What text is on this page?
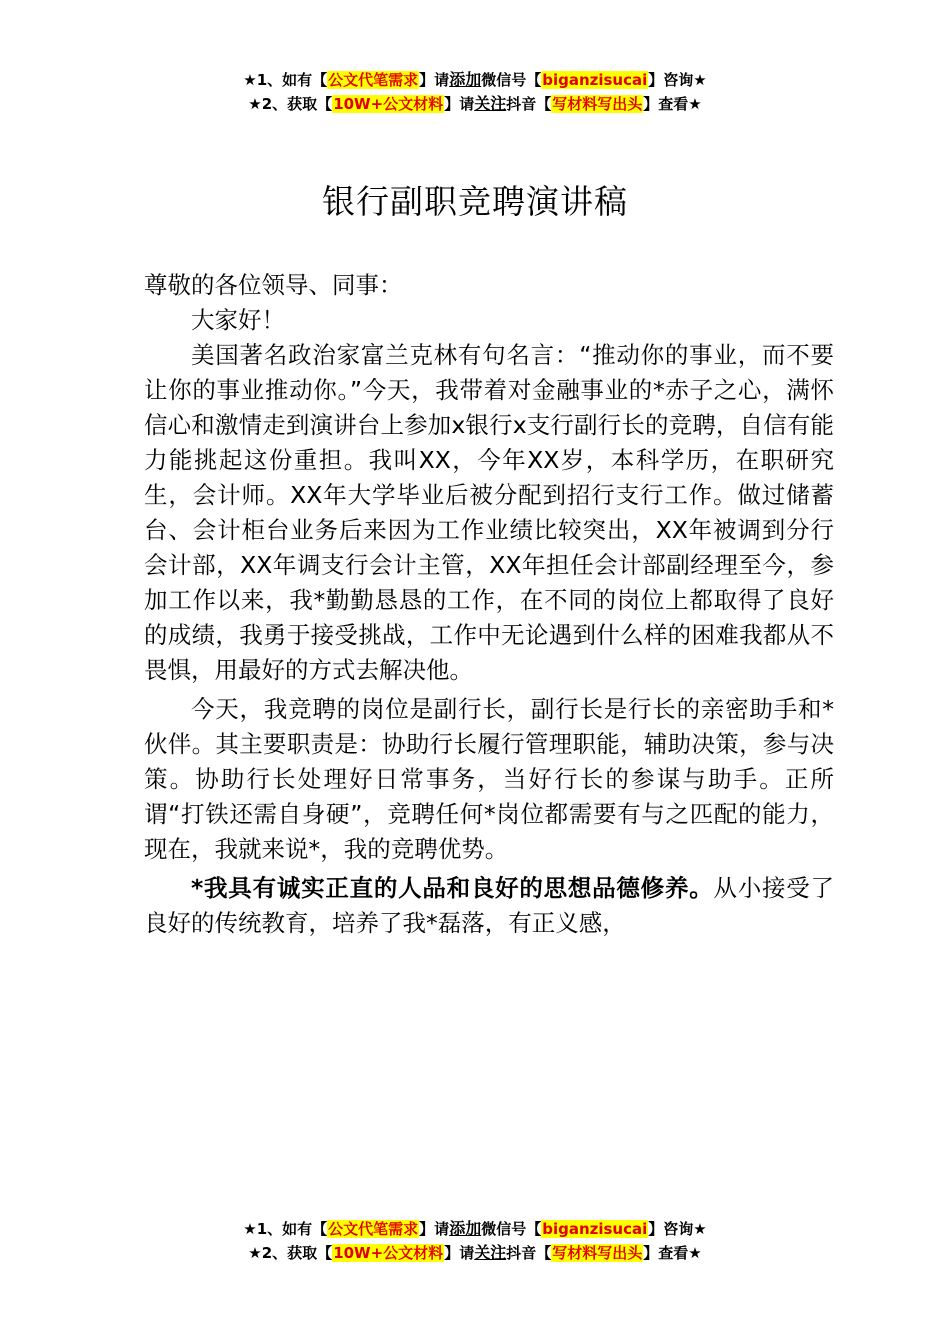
★1、如有【公文代笔需求】请添加微信号【biganzisucai】咨询★
★2、获取【10W+公文材料】请关注抖音【写材料写出头】查看★
银行副职竞聘演讲稿

尊敬的各位领导、同事：

大家好！

美国著名政治家富兰克林有句名言：“推动你的事业，而不要让你的事业推动你。”今天，我带着对金融事业的*赤子之心，满怀信心和激情走到演讲台上参加x银行x支行副行长的竞聘，自信有能力能挑起这份重担。我叫XX，今年XX岁，本科学历，在职研究生，会计师。XX年大学毕业后被分配到招行支行工作。做过储蓄台、会计柜台业务后来因为工作业绩比较突出，XX年被调到分行会计部，XX年调支行会计主管，XX年担任会计部副经理至今，参加工作以来，我*勤勤恳恳的工作，在不同的岗位上都取得了良好的成绩，我勇于接受挑战，工作中无论遇到什么样的困难我都从不畏惧，用最好的方式去解决他。

今天，我竞聘的岗位是副行长，副行长是行长的亲密助手和*伙伴。其主要职责是：协助行长履行管理职能，辅助决策，参与决策。协助行长处理好日常事务，当好行长的参谋与助手。正所谓“打铁还需自身硬”，竞聘任何*岗位都需要有与之匹配的能力，现在，我就来说*，我的竞聘优势。

*我具有诚实正直的人品和良好的思想品德修养。从小接受了良好的传统教育，培养了我*磊落，有正义感，

★1、如有【公文代笔需求】请添加微信号【biganzisucai】咨询★
★2、获取【10W+公文材料】请关注抖音【写材料写出头】查看★
